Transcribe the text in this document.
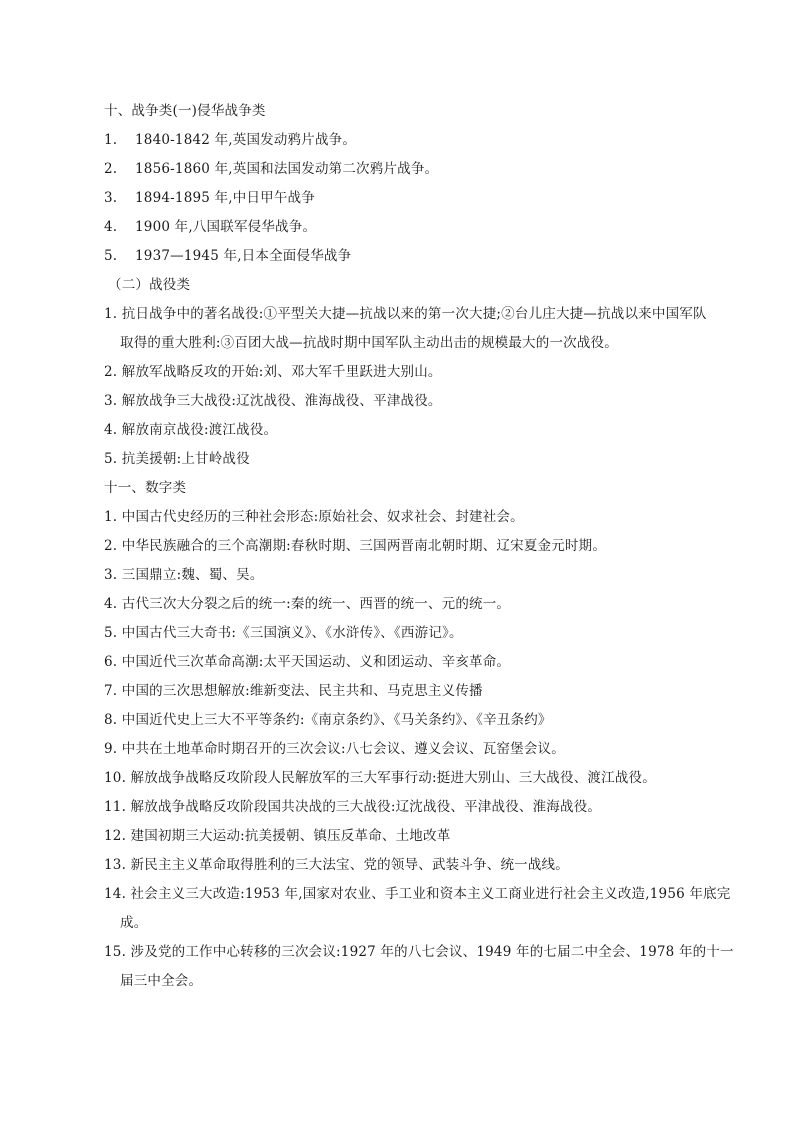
十、战争类(一)侵华战争类
1.	1840-1842 年,英国发动鸦片战争。
2.	1856-1860 年,英国和法国发动第二次鸦片战争。
3.	1894-1895 年,中日甲午战争
4.	1900 年,八国联军侵华战争。
5.	1937—1945 年,日本全面侵华战争
（二）战役类
1. 抗日战争中的著名战役:①平型关大捷—抗战以来的第一次大捷;②台儿庄大捷—抗战以来中国军队
取得的重大胜利:③百团大战—抗战时期中国军队主动出击的规模最大的一次战役。
2. 解放军战略反攻的开始:刘、邓大军千里跃进大别山。
3. 解放战争三大战役:辽沈战役、淮海战役、平津战役。
4. 解放南京战役:渡江战役。
5. 抗美援朝:上甘岭战役
十一、数字类
1. 中国古代史经历的三种社会形态:原始社会、奴求社会、封建社会。
2. 中华民族融合的三个高潮期:春秋时期、三国两晋南北朝时期、辽宋夏金元时期。
3. 三国鼎立:魏、蜀、吴。
4. 古代三次大分裂之后的统一:秦的统一、西晋的统一、元的统一。
5. 中国古代三大奇书:《三国演义》、《水浒传》、《西游记》。
6. 中国近代三次革命高潮:太平天国运动、义和团运动、辛亥革命。
7. 中国的三次思想解放:维新变法、民主共和、马克思主义传播
8. 中国近代史上三大不平等条约:《南京条约》、《马关条约》、《辛丑条约》
9. 中共在土地革命时期召开的三次会议:八七会议、遵义会议、瓦窑堡会议。
10. 解放战争战略反攻阶段人民解放军的三大军事行动:挺进大别山、三大战役、渡江战役。
11. 解放战争战略反攻阶段国共决战的三大战役:辽沈战役、平津战役、淮海战役。
12. 建国初期三大运动:抗美援朝、镇压反革命、土地改革
13. 新民主主义革命取得胜利的三大法宝、党的领导、武装斗争、统一战线。
14. 社会主义三大改造:1953 年,国家对农业、手工业和资本主义工商业进行社会主义改造,1956 年底完
成。
15. 涉及党的工作中心转移的三次会议:1927 年的八七会议、1949 年的七届二中全会、1978 年的十一
届三中全会。
